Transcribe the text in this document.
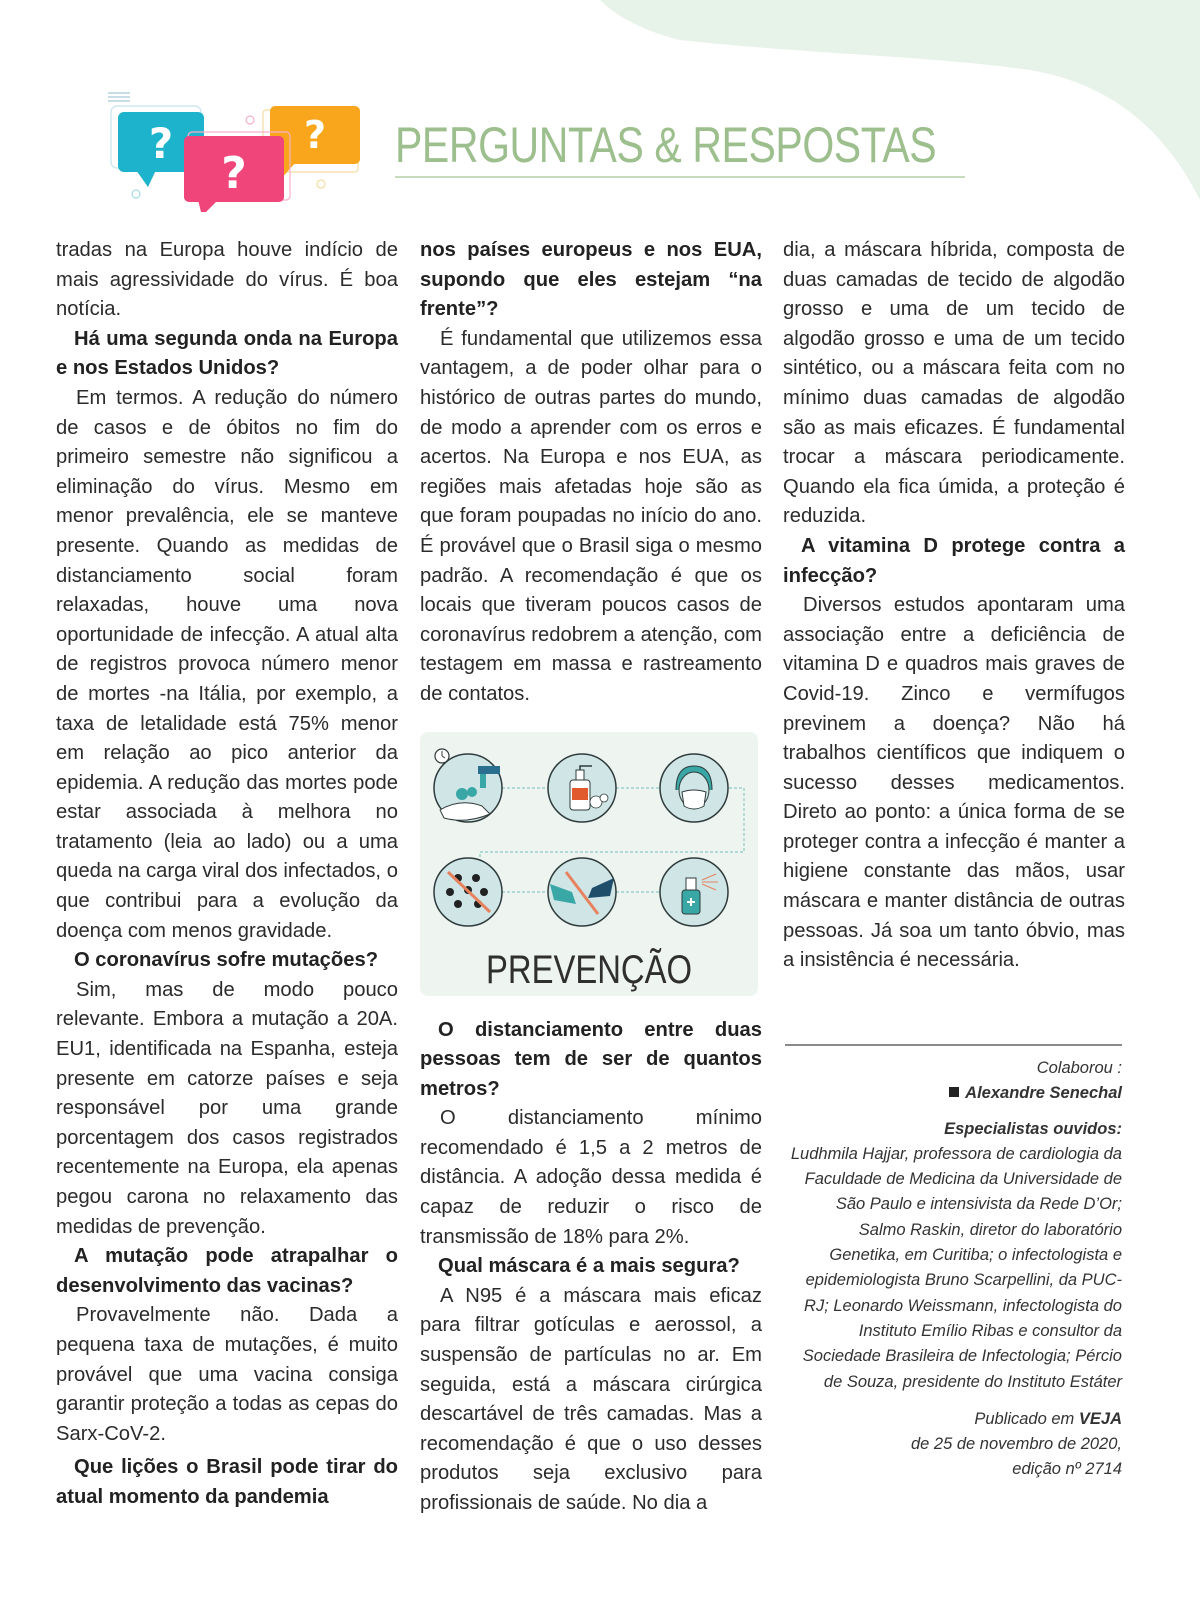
?	?
?
PERGUNTAS & RESPOSTAS

tradas na Europa houve indício de mais agressividade do vírus. É boa notícia.

Há uma segunda onda na Europa e nos Estados Unidos?

Em termos. A redução do número de casos e de óbitos no fim do primeiro semestre não significou a eliminação do vírus. Mesmo em menor prevalência, ele se manteve presente. Quando as medidas de distanciamento social foram relaxadas, houve uma nova oportunidade de infecção. A atual alta de registros provoca número menor de mortes -na Itália, por exemplo, a taxa de letalidade está 75% menor em relação ao pico anterior da epidemia. A redução das mortes pode estar associada à melhora no tratamento (leia ao lado) ou a uma queda na carga viral dos infectados, o que contribui para a evolução da doença com menos gravidade.

O coronavírus sofre mutações?

Sim, mas de modo pouco relevante. Embora a mutação a 20A. EU1, identificada na Espanha, esteja presente em catorze países e seja responsável por uma grande porcentagem dos casos registrados recentemente na Europa, ela apenas pegou carona no relaxamento das medidas de prevenção.

A mutação pode atrapalhar o desenvolvimento das vacinas?

Provavelmente não. Dada a pequena taxa de mutações, é muito provável que uma vacina consiga garantir proteção a todas as cepas do Sarx-CoV-2.

Que lições o Brasil pode tirar do atual momento da pandemia

nos países europeus e nos EUA, supondo que eles estejam “na frente”?

É fundamental que utilizemos essa vantagem, a de poder olhar para o histórico de outras partes do mundo, de modo a aprender com os erros e acertos. Na Europa e nos EUA, as regiões mais afetadas hoje são as que foram poupadas no início do ano. É provável que o Brasil siga o mesmo padrão. A recomendação é que os locais que tiveram poucos casos de coronavírus redobrem a atenção, com testagem em massa e rastreamento de contatos.

PREVENÇÃO

O distanciamento entre duas pessoas tem de ser de quantos metros?

O distanciamento mínimo recomendado é 1,5 a 2 metros de distância. A adoção dessa medida é capaz de reduzir o risco de transmissão de 18% para 2%.

Qual máscara é a mais segura?

A N95 é a máscara mais eficaz para filtrar gotículas e aerossol, a suspensão de partículas no ar. Em seguida, está a máscara cirúrgica descartável de três camadas. Mas a recomendação é que o uso desses produtos seja exclusivo para profissionais de saúde. No dia a

dia, a máscara híbrida, composta de duas camadas de tecido de algodão grosso e uma de um tecido de algodão grosso e uma de um tecido sintético, ou a máscara feita com no mínimo duas camadas de algodão são as mais eficazes. É fundamental trocar a máscara periodicamente. Quando ela fica úmida, a proteção é reduzida.

A vitamina D protege contra a infecção?

Diversos estudos apontaram uma associação entre a deficiência de vitamina D e quadros mais graves de Covid-19. Zinco e vermífugos previnem a doença? Não há trabalhos científicos que indiquem o sucesso desses medicamentos. Direto ao ponto: a única forma de se proteger contra a infecção é manter a higiene constante das mãos, usar máscara e manter distância de outras pessoas. Já soa um tanto óbvio, mas a insistência é necessária.

Colaborou :
Alexandre Senechal
Especialistas ouvidos:
Ludhmila Hajjar, professora de cardiologia da Faculdade de Medicina da Universidade de São Paulo e intensivista da Rede D’Or; Salmo Raskin, diretor do laboratório Genetika, em Curitiba; o infectologista e epidemiologista Bruno Scarpellini, da PUC-RJ; Leonardo Weissmann, infectologista do Instituto Emílio Ribas e consultor da Sociedade Brasileira de Infectologia; Pércio de Souza, presidente do Instituto Estáter
Publicado em VEJA
de 25 de novembro de 2020,
edição nº 2714
